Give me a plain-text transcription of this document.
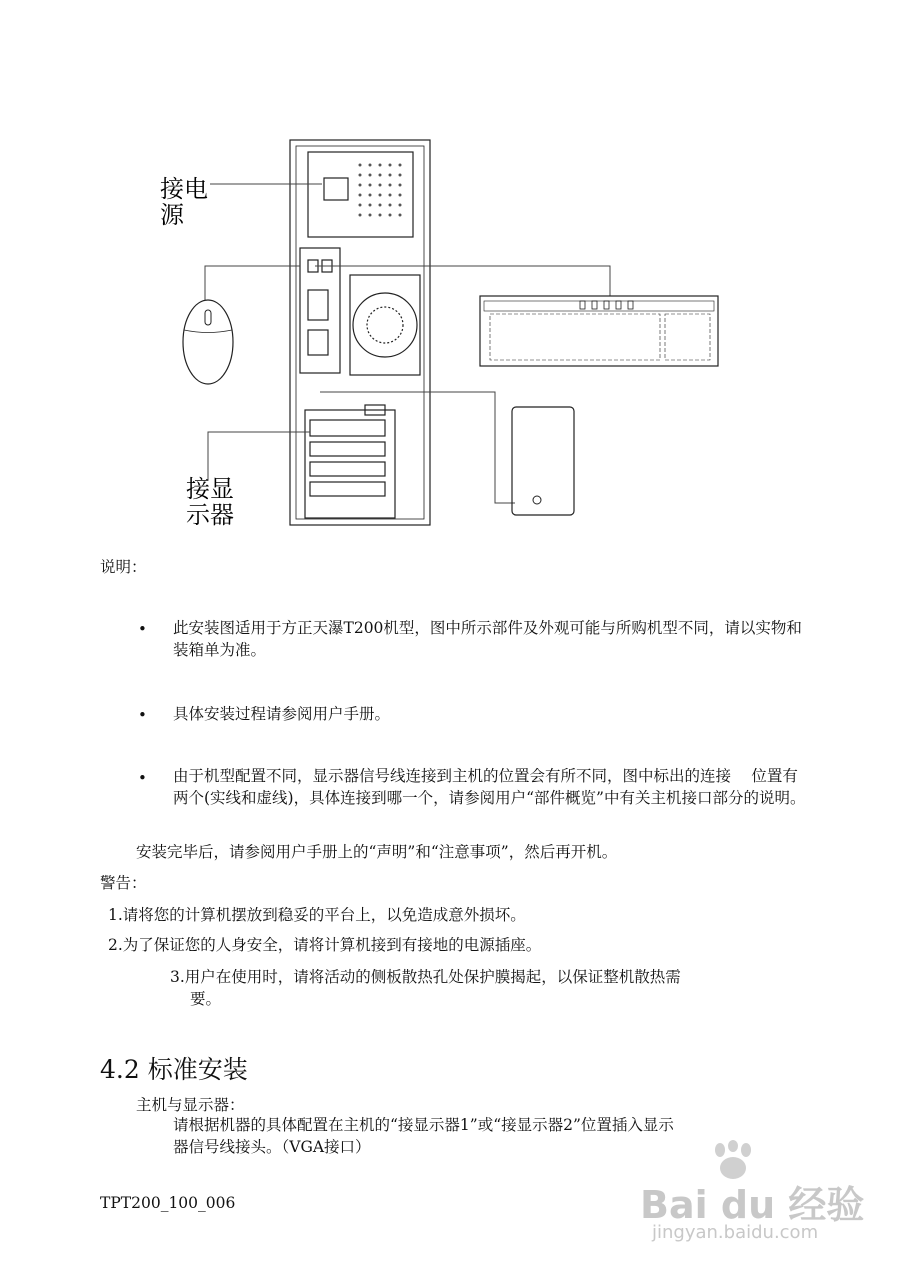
接电
源
接显
示器
说明：
• 此安装图适用于方正天瀑T200机型，图中所示部件及外观可能与所购机型不同，请以实物和装箱单为准。
• 具体安装过程请参阅用户手册。
• 由于机型配置不同，显示器信号线连接到主机的位置会有所不同，图中标出的连接　 位置有两个(实线和虚线)，具体连接到哪一个，请参阅用户“部件概览”中有关主机接口部分的说明。
安装完毕后，请参阅用户手册上的“声明”和“注意事项”，然后再开机。
警告：
1.请将您的计算机摆放到稳妥的平台上，以免造成意外损坏。
2.为了保证您的人身安全，请将计算机接到有接地的电源插座。
3.用户在使用时，请将活动的侧板散热孔处保护膜揭起，以保证整机散热需
要。
4.2 标准安装
主机与显示器：
请根据机器的具体配置在主机的“接显示器1”或“接显示器2”位置插入显示
器信号线接头。（VGA接口）
TPT200_100_006	Bai du 经验
jingyan.baidu.com
